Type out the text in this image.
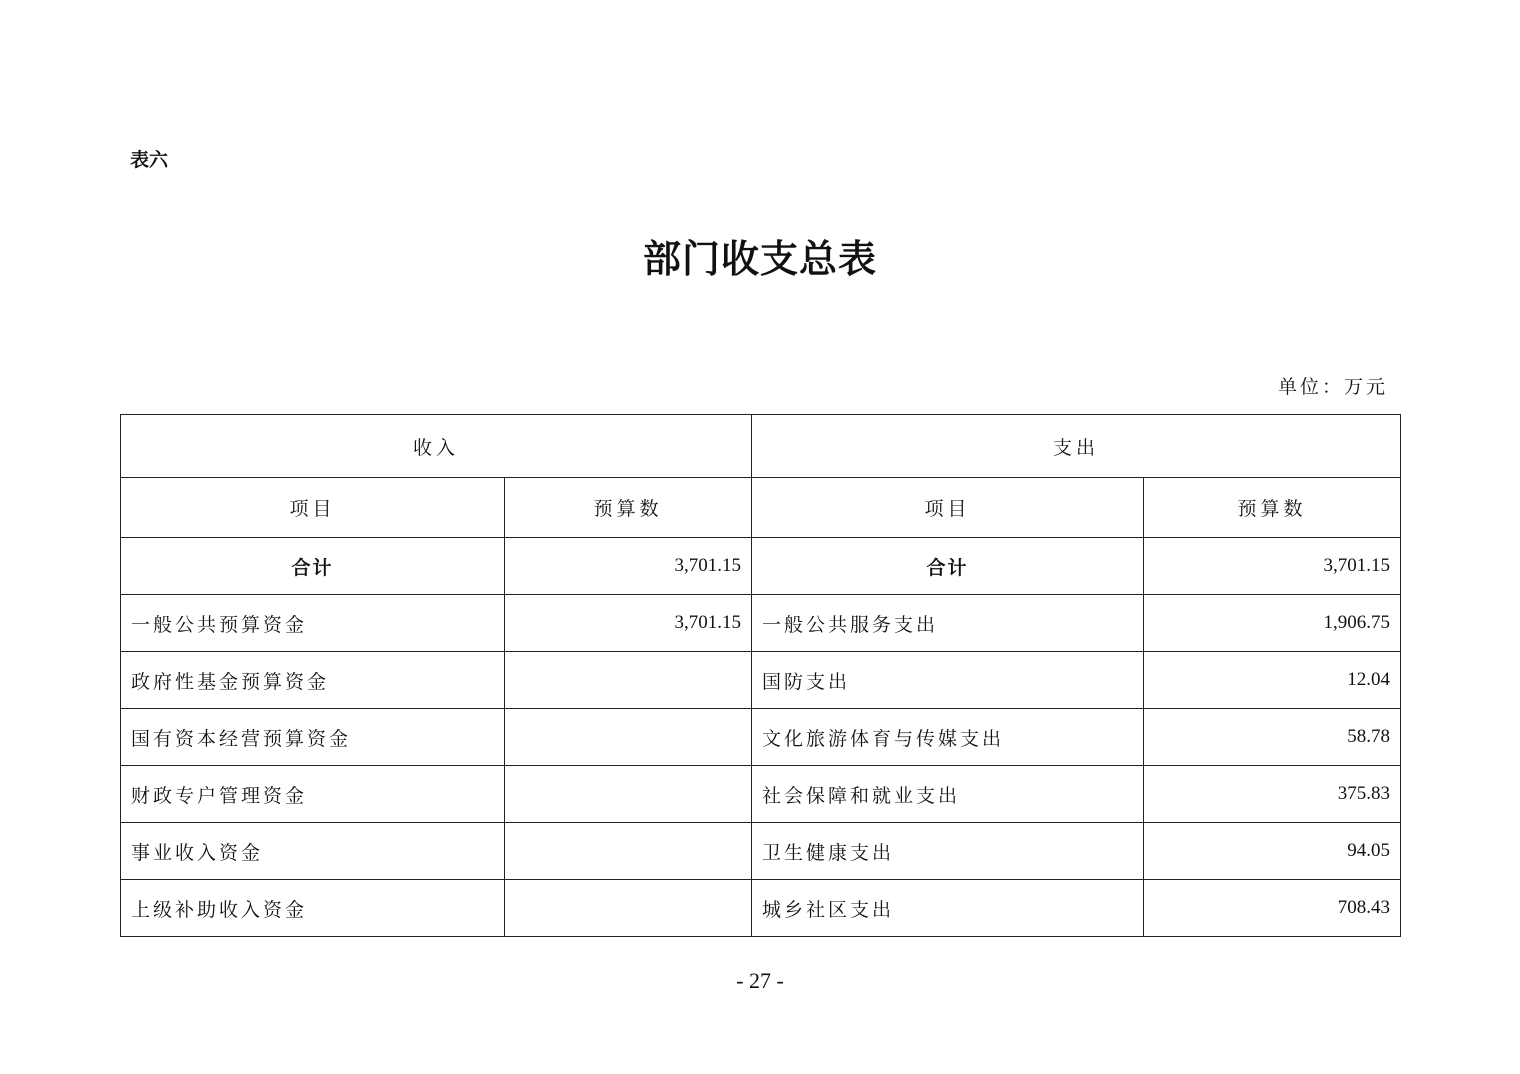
表六
部门收支总表
单位：万元
收入		支出	
项目	预算数	项目	预算数
合计	3,701.15	合计	3,701.15
一般公共预算资金	3,701.15	一般公共服务支出	1,906.75
政府性基金预算资金		国防支出	12.04
国有资本经营预算资金		文化旅游体育与传媒支出	58.78
财政专户管理资金		社会保障和就业支出	375.83
事业收入资金		卫生健康支出	94.05
上级补助收入资金		城乡社区支出	708.43
- 27 -
